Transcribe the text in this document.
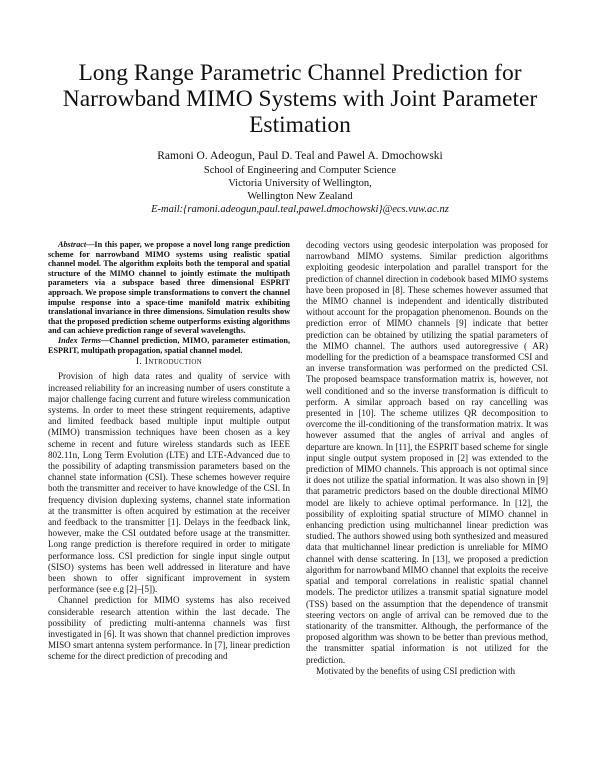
Long Range Parametric Channel Prediction for Narrowband MIMO Systems with Joint Parameter Estimation
Ramoni O. Adeogun, Paul D. Teal and Pawel A. Dmochowski
School of Engineering and Computer Science
Victoria University of Wellington,
Wellington New Zealand
E-mail:{ramoni.adeogun,paul.teal,pawel.dmochowski}@ecs.vuw.ac.nz

Abstract—In this paper, we propose a novel long range prediction scheme for narrowband MIMO systems using realistic spatial channel model. The algorithm exploits both the temporal and spatial structure of the MIMO channel to jointly estimate the multipath parameters via a subspace based three dimensional ESPRIT approach. We propose simple transformations to convert the channel impulse response into a space-time manifold matrix exhibiting translational invariance in three dimensions. Simulation results show that the proposed prediction scheme outperforms existing algorithms and can achieve prediction range of several wavelengths.

Index Terms—Channel prediction, MIMO, parameter estimation, ESPRIT, multipath propagation, spatial channel model.

I. Introduction

Provision of high data rates and quality of service with increased reliability for an increasing number of users constitute a major challenge facing current and future wireless communication systems. In order to meet these stringent requirements, adaptive and limited feedback based multiple input multiple output (MIMO) transmission techniques have been chosen as a key scheme in recent and future wireless standards such as IEEE 802.11n, Long Term Evolution (LTE) and LTE-Advanced due to the possibility of adapting transmission parameters based on the channel state information (CSI). These schemes however require both the transmitter and receiver to have knowledge of the CSI. In frequency division duplexing systems, channel state information at the transmitter is often acquired by estimation at the receiver and feedback to the transmitter [1]. Delays in the feedback link, however, make the CSI outdated before usage at the transmitter. Long range prediction is therefore required in order to mitigate performance loss. CSI prediction for single input single output (SISO) systems has been well addressed in literature and have been shown to offer significant improvement in system performance (see e.g [2]–[5]).

Channel prediction for MIMO systems has also received considerable research attention within the last decade. The possibility of predicting multi-antenna channels was first investigated in [6]. It was shown that channel prediction improves MISO smart antenna system performance. In [7], linear prediction scheme for the direct prediction of precoding and

decoding vectors using geodesic interpolation was proposed for narrowband MIMO systems. Similar prediction algorithms exploiting geodesic interpolation and parallel transport for the prediction of channel direction in codebook based MIMO systems have been proposed in [8]. These schemes however assumed that the MIMO channel is independent and identically distributed without account for the propagation phenomenon. Bounds on the prediction error of MIMO channels [9] indicate that better prediction can be obtained by utilizing the spatial parameters of the MIMO channel. The authors used autoregressive ( AR) modelling for the prediction of a beamspace transformed CSI and an inverse transformation was performed on the predicted CSI. The proposed beamspace transformation matrix is, however, not well conditioned and so the inverse transformation is difficult to perform. A similar approach based on ray cancelling was presented in [10]. The scheme utilizes QR decomposition to overcome the ill-conditioning of the transformation matrix. It was however assumed that the angles of arrival and angles of departure are known. In [11], the ESPRIT based scheme for single input single output system proposed in [2] was extended to the prediction of MIMO channels. This approach is not optimal since it does not utilize the spatial information. It was also shown in [9] that parametric predictors based on the double directional MIMO model are likely to achieve optimal performance. In [12], the possibility of exploiting spatial structure of MIMO channel in enhancing prediction using multichannel linear prediction was studied. The authors showed using both synthesized and measured data that multichannel linear prediction is unreliable for MIMO channel with dense scattering. In [13], we proposed a prediction algorithm for narrowband MIMO channel that exploits the receive spatial and temporal correlations in realistic spatial channel models. The predictor utilizes a transmit spatial signature model (TSS) based on the assumption that the dependence of transmit steering vectors on angle of arrival can be removed due to the stationarity of the transmitter. Although, the performance of the proposed algorithm was shown to be better than previous method, the transmitter spatial information is not utilized for the prediction.

Motivated by the benefits of using CSI prediction with
